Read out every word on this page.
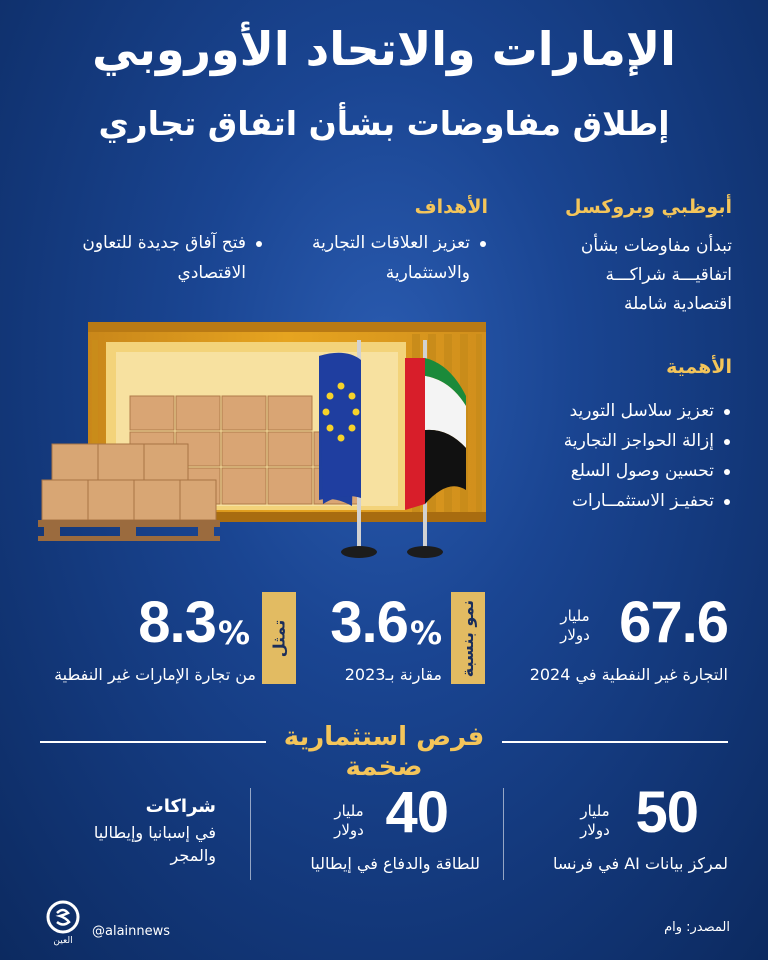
الإمارات والاتحاد الأوروبي
إطلاق مفاوضات بشأن اتفاق تجاري
أبوظبي وبروكسل
تبدأن مفاوضات بشأن
اتفاقيـــة شراكـــة
اقتصادية شاملة
الأهداف
تعزيز العلاقات التجارية
والاستثمارية
فتح آفاق جديدة للتعاون
الاقتصادي
الأهمية
تعزيز سلاسل التوريد
إزالة الحواجز التجارية
تحسين وصول السلع
تحفيـز الاستثمــارات
67.6
مليار
دولار
التجارة غير النفطية في 2024
نمو بنسبة
3.6 %
مقارنة بـ2023
تمثل
8.3 %
من تجارة الإمارات غير النفطية
فرص استثمارية ضخمة
50
مليار
دولار
لمركز بيانات AI في فرنسا
40
مليار
دولار
للطاقة والدفاع في إيطاليا
شراكات
في إسبانيا وإيطاليا
والمجر
المصدر: وام
العين
@alainnews
